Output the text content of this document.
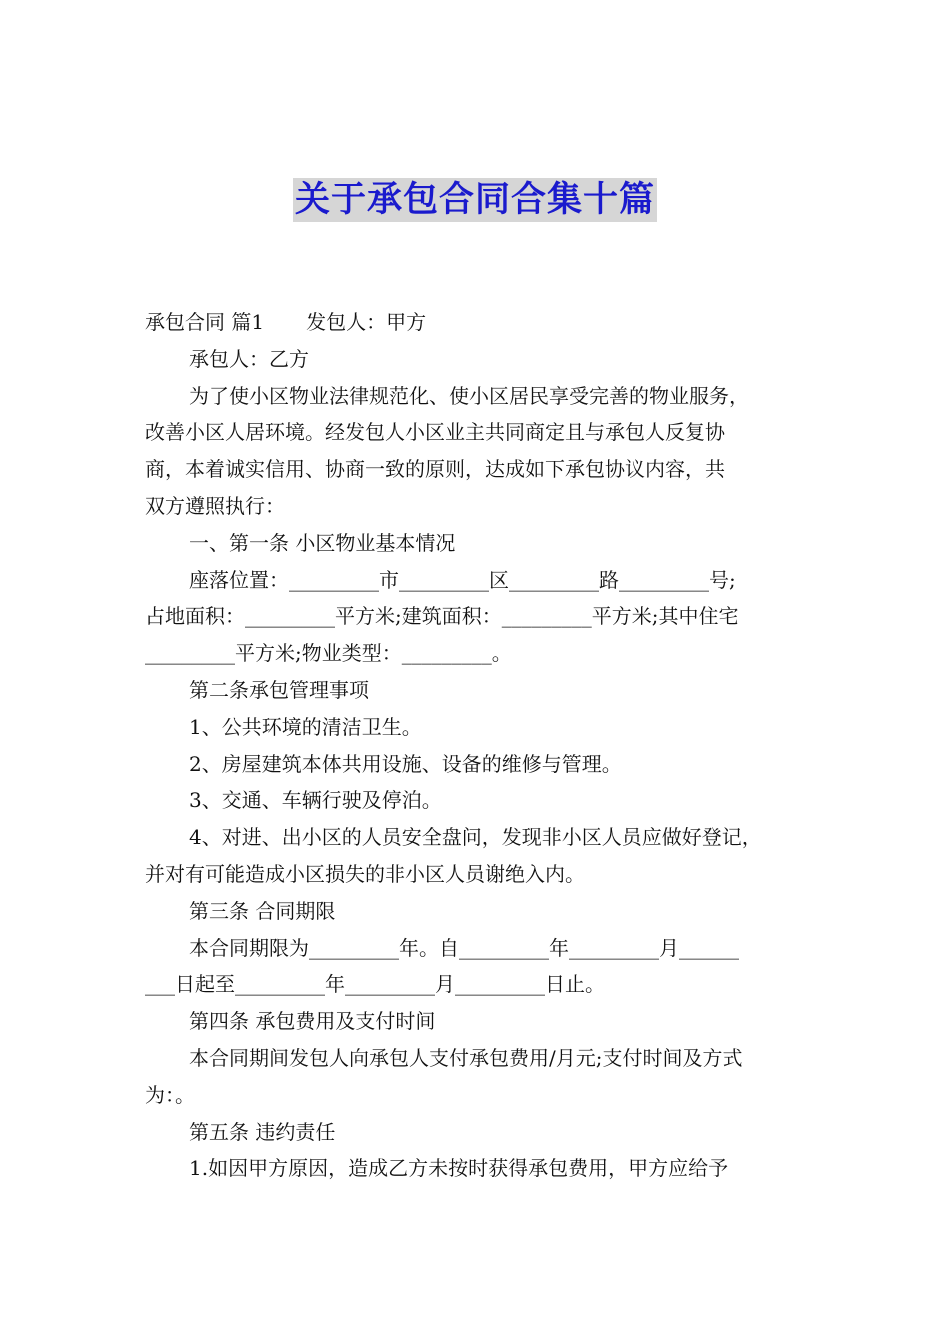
关于承包合同合集十篇
承包合同 篇1 发包人：甲方
承包人：乙方
为了使小区物业法律规范化、使小区居民享受完善的物业服务，
改善小区人居环境。经发包人小区业主共同商定且与承包人反复协
商，本着诚实信用、协商一致的原则，达成如下承包协议内容，共
双方遵照执行：
一、第一条 小区物业基本情况
座落位置：_________市_________区_________路_________号;
占地面积：_________平方米;建筑面积：_________平方米;其中住宅
_________平方米;物业类型：_________。
第二条承包管理事项
1、公共环境的清洁卫生。
2、房屋建筑本体共用设施、设备的维修与管理。
3、交通、车辆行驶及停泊。
4、对进、出小区的人员安全盘问，发现非小区人员应做好登记，
并对有可能造成小区损失的非小区人员谢绝入内。
第三条 合同期限
本合同期限为_________年。自_________年_________月______
___日起至_________年_________月_________日止。
第四条 承包费用及支付时间
本合同期间发包人向承包人支付承包费用/月元;支付时间及方式
为：。
第五条 违约责任
1.如因甲方原因，造成乙方未按时获得承包费用，甲方应给予
